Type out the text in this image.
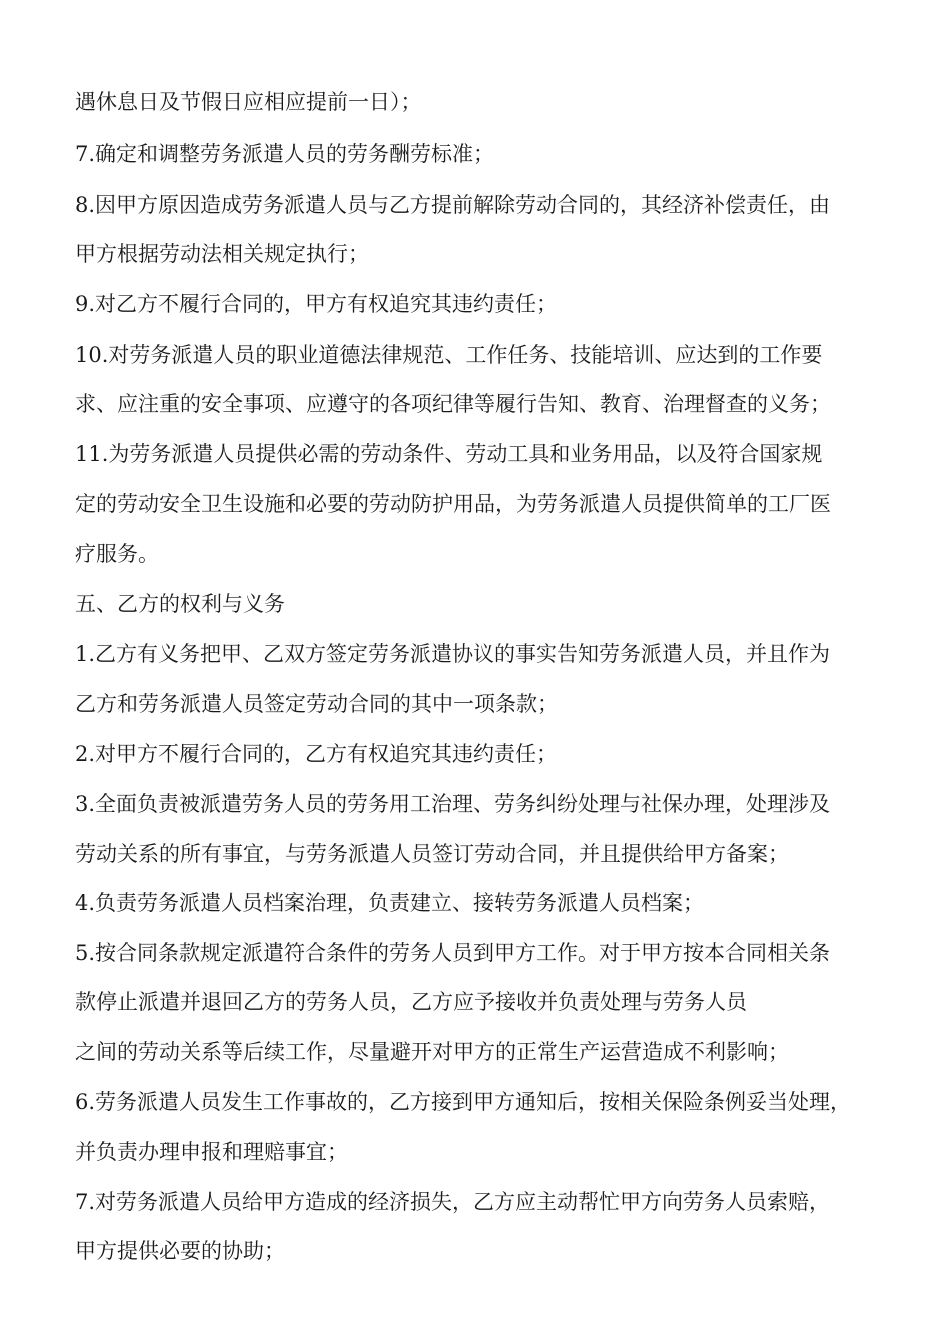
遇休息日及节假日应相应提前一日）；
7.确定和调整劳务派遣人员的劳务酬劳标准；
8.因甲方原因造成劳务派遣人员与乙方提前解除劳动合同的，其经济补偿责任，由
甲方根据劳动法相关规定执行；
9.对乙方不履行合同的，甲方有权追究其违约责任；
10.对劳务派遣人员的职业道德法律规范、工作任务、技能培训、应达到的工作要
求、应注重的安全事项、应遵守的各项纪律等履行告知、教育、治理督查的义务；
11.为劳务派遣人员提供必需的劳动条件、劳动工具和业务用品，以及符合国家规
定的劳动安全卫生设施和必要的劳动防护用品，为劳务派遣人员提供简单的工厂医
疗服务。
五、乙方的权利与义务
1.乙方有义务把甲、乙双方签定劳务派遣协议的事实告知劳务派遣人员，并且作为
乙方和劳务派遣人员签定劳动合同的其中一项条款；
2.对甲方不履行合同的，乙方有权追究其违约责任；
3.全面负责被派遣劳务人员的劳务用工治理、劳务纠纷处理与社保办理，处理涉及
劳动关系的所有事宜，与劳务派遣人员签订劳动合同，并且提供给甲方备案；
4.负责劳务派遣人员档案治理，负责建立、接转劳务派遣人员档案；
5.按合同条款规定派遣符合条件的劳务人员到甲方工作。对于甲方按本合同相关条
款停止派遣并退回乙方的劳务人员，乙方应予接收并负责处理与劳务人员
之间的劳动关系等后续工作，尽量避开对甲方的正常生产运营造成不利影响；
6.劳务派遣人员发生工作事故的，乙方接到甲方通知后，按相关保险条例妥当处理，
并负责办理申报和理赔事宜；
7.对劳务派遣人员给甲方造成的经济损失，乙方应主动帮忙甲方向劳务人员索赔，
甲方提供必要的协助；
